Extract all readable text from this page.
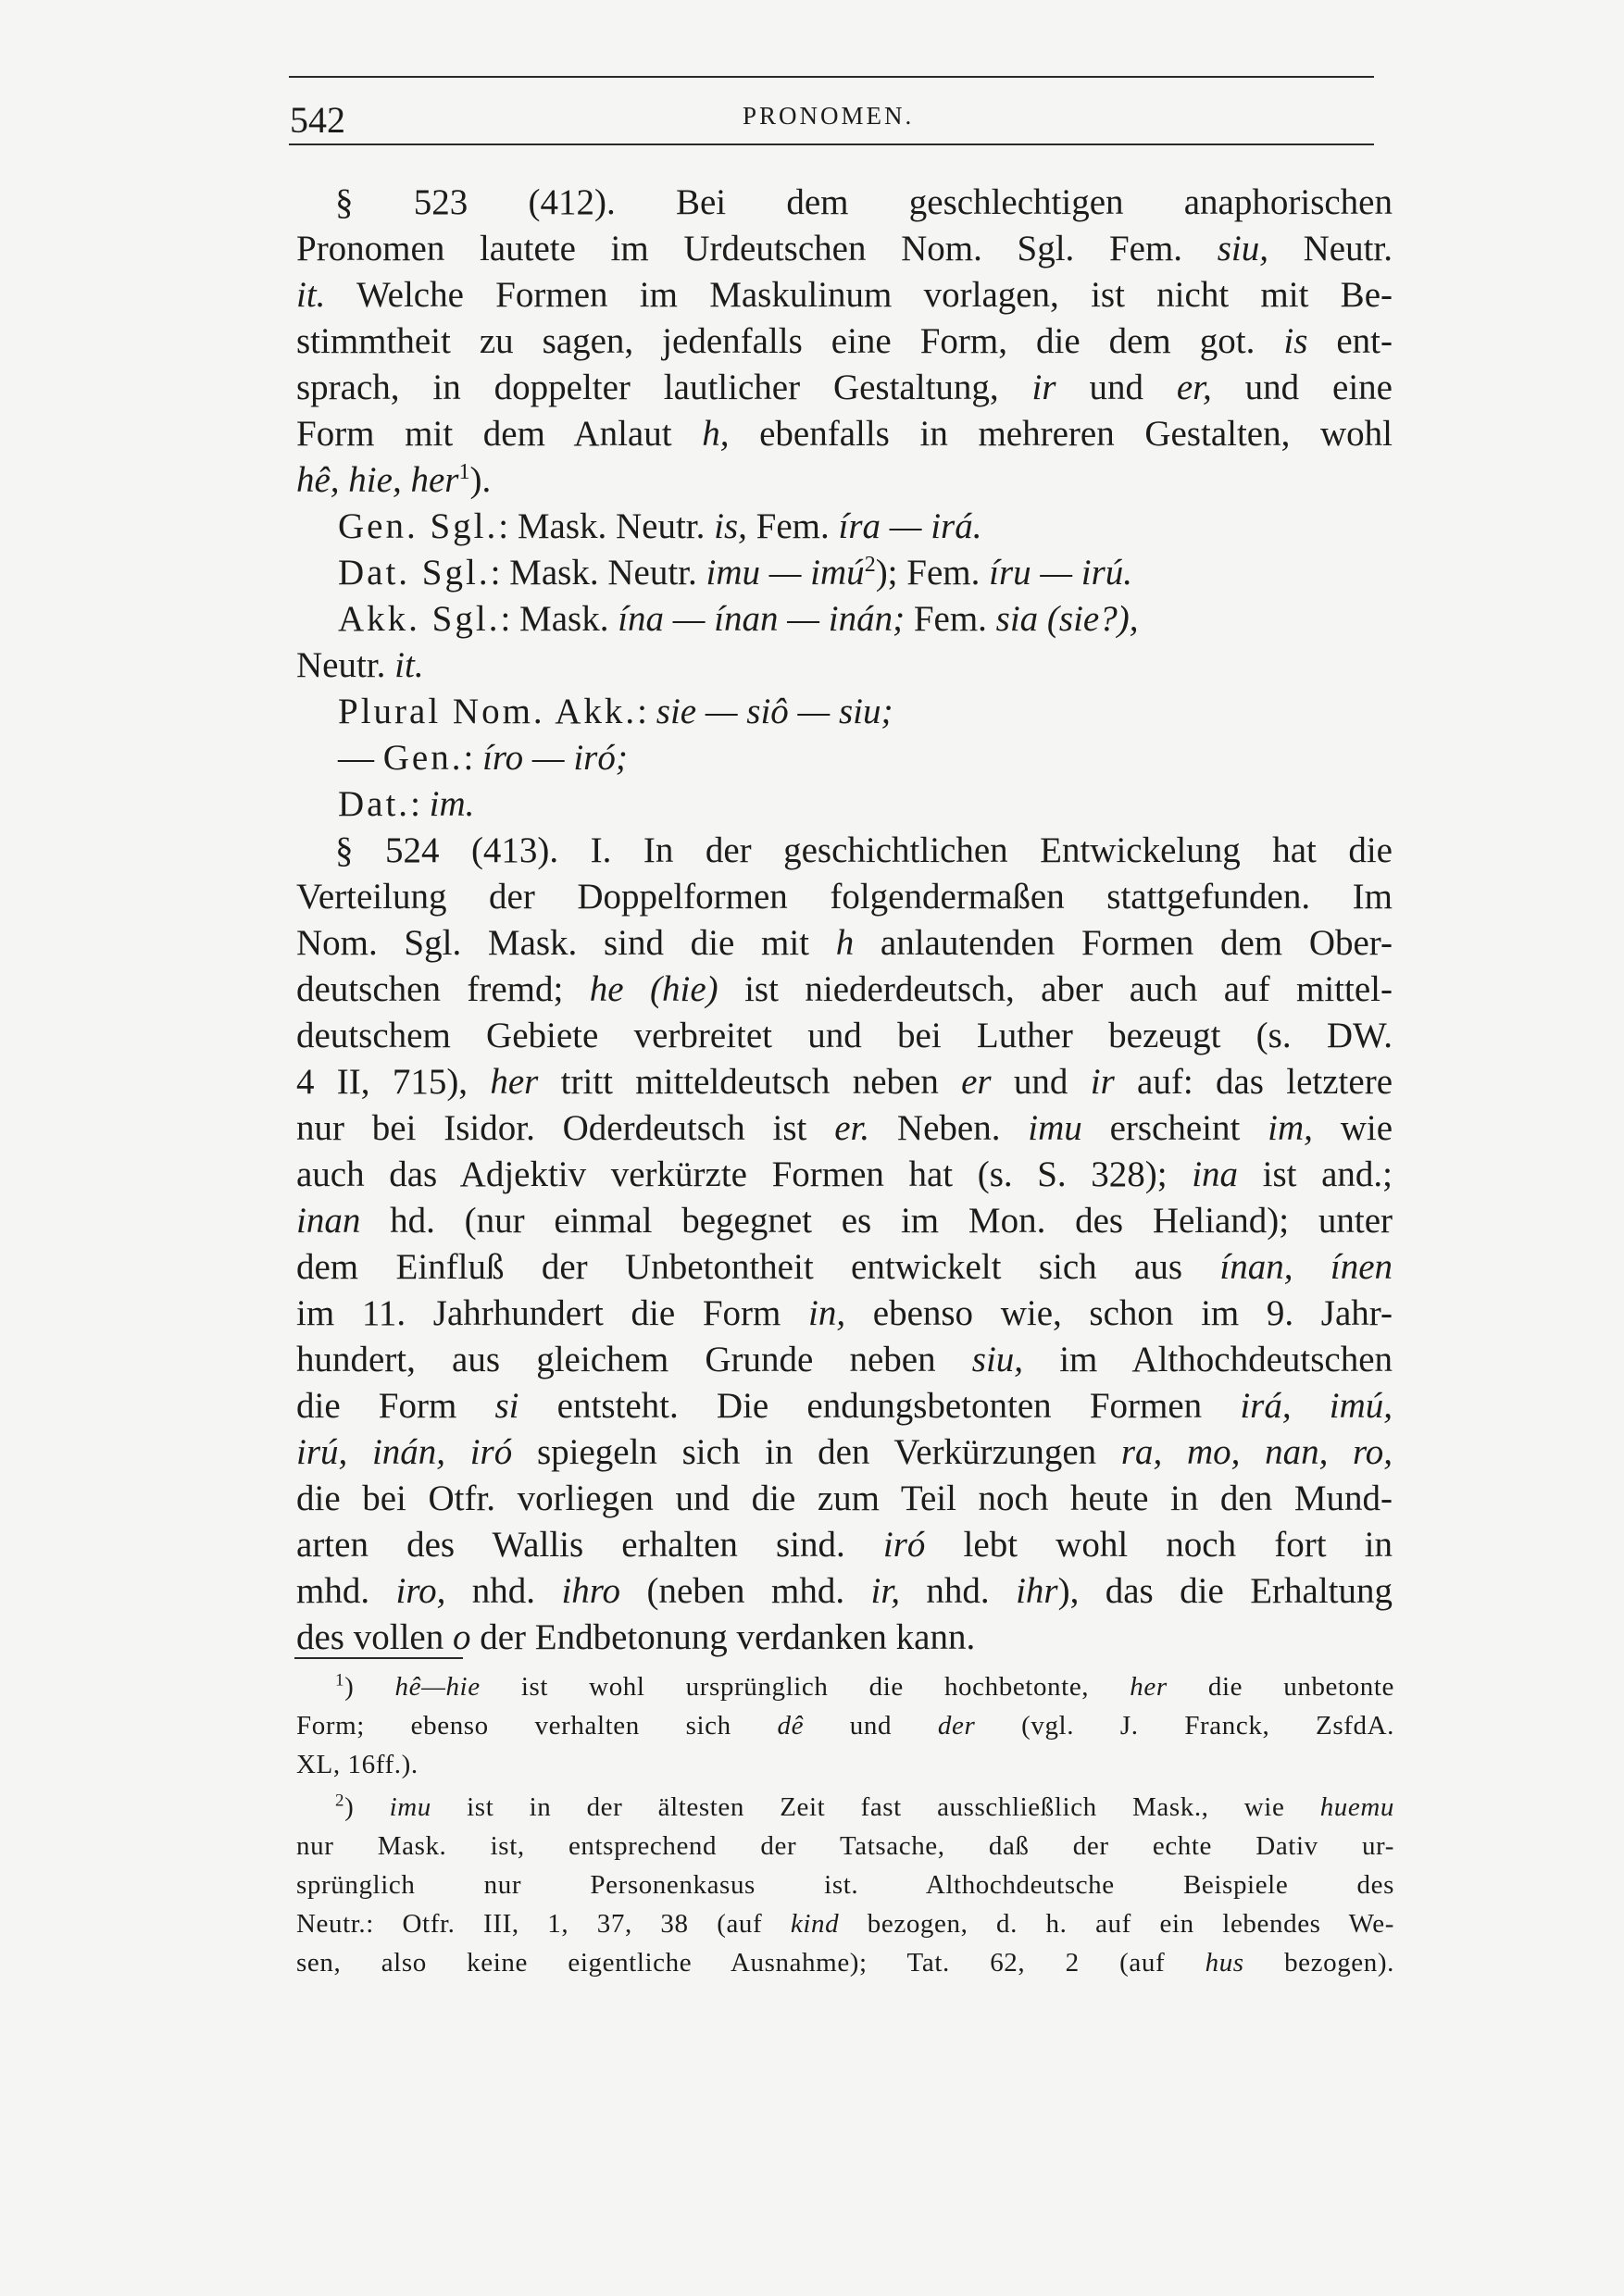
542	PRONOMEN.
§ 523 (412). Bei dem geschlechtigen anaphorischen
Pronomen lautete im Urdeutschen Nom. Sgl. Fem. siu, Neutr.
it. Welche Formen im Maskulinum vorlagen, ist nicht mit Be-
stimmtheit zu sagen, jedenfalls eine Form, die dem got. is ent-
sprach, in doppelter lautlicher Gestaltung, ir und er, und eine
Form mit dem Anlaut h, ebenfalls in mehreren Gestalten, wohl
hê, hie, her$^1$).
Gen. Sgl.: Mask. Neutr. is, Fem. íra — irá.
Dat. Sgl.: Mask. Neutr. imu — imú$^2$); Fem. íru — irú.
Akk. Sgl.: Mask. ína — ínan — inán; Fem. sia (sie?),
Neutr. it.
Plural Nom. Akk.: sie — siô — siu;
— Gen.: íro — iró;
Dat.: im.
§ 524 (413). I. In der geschichtlichen Entwickelung hat die
Verteilung der Doppelformen folgendermaßen stattgefunden. Im
Nom. Sgl. Mask. sind die mit h anlautenden Formen dem Ober-
deutschen fremd; he (hie) ist niederdeutsch, aber auch auf mittel-
deutschem Gebiete verbreitet und bei Luther bezeugt (s. DW.
4 II, 715), her tritt mitteldeutsch neben er und ir auf: das letztere
nur bei Isidor. Oderdeutsch ist er. Neben. imu erscheint im, wie
auch das Adjektiv verkürzte Formen hat (s. S. 328); ina ist and.;
inan hd. (nur einmal begegnet es im Mon. des Heliand); unter
dem Einfluß der Unbetontheit entwickelt sich aus ínan, ínen
im 11. Jahrhundert die Form in, ebenso wie, schon im 9. Jahr-
hundert, aus gleichem Grunde neben siu, im Althochdeutschen
die Form si entsteht. Die endungsbetonten Formen irá, imú,
irú, inán, iró spiegeln sich in den Verkürzungen ra, mo, nan, ro,
die bei Otfr. vorliegen und die zum Teil noch heute in den Mund-
arten des Wallis erhalten sind. iró lebt wohl noch fort in
mhd. iro, nhd. ihro (neben mhd. ir, nhd. ihr), das die Erhaltung
des vollen o der Endbetonung verdanken kann.
$^1$) hê—hie ist wohl ursprünglich die hochbetonte, her die unbetonte
Form; ebenso verhalten sich dê und der (vgl. J. Franck, ZsfdA.
XL, 16ff.).
$^2$) imu ist in der ältesten Zeit fast ausschließlich Mask., wie huemu
nur Mask. ist, entsprechend der Tatsache, daß der echte Dativ ur-
sprünglich nur Personenkasus ist. Althochdeutsche Beispiele des
Neutr.: Otfr. III, 1, 37, 38 (auf kind bezogen, d. h. auf ein lebendes We-
sen, also keine eigentliche Ausnahme); Tat. 62, 2 (auf hus bezogen).
